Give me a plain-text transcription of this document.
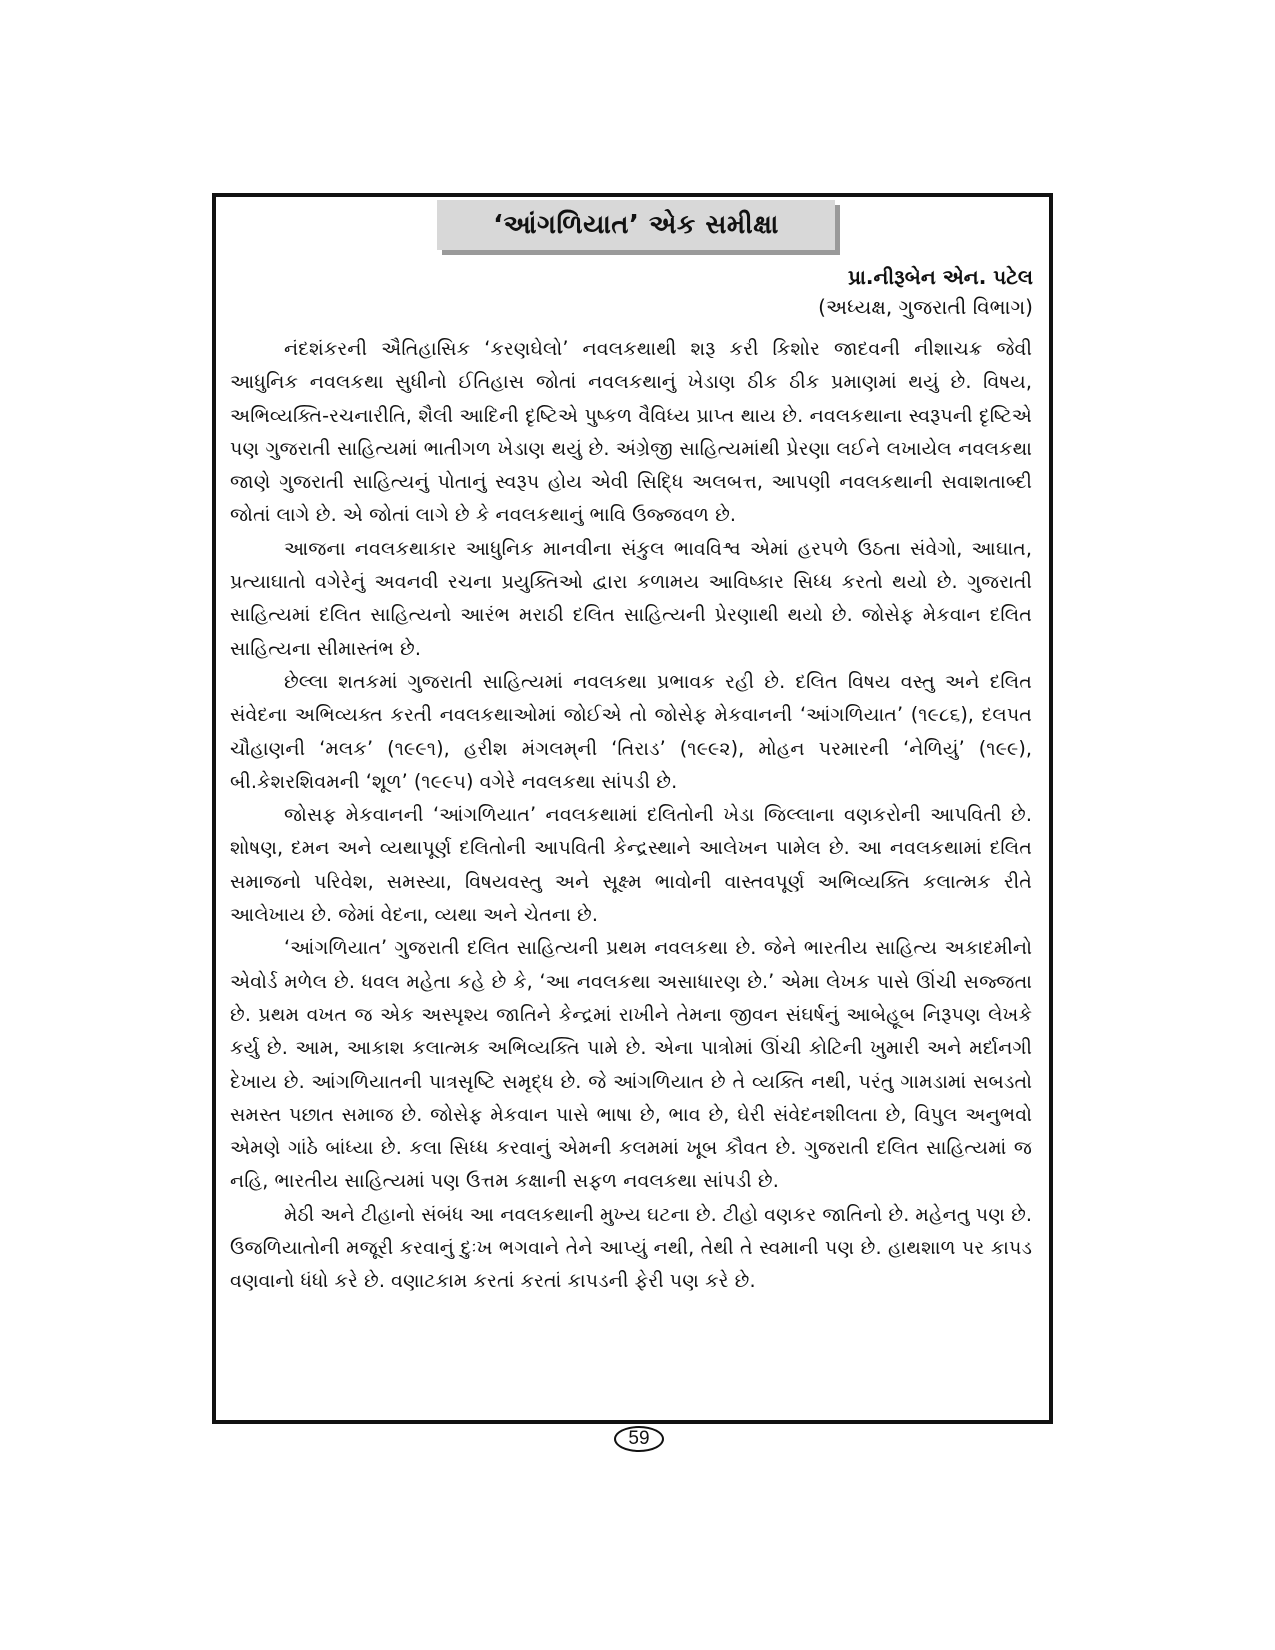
‘આંગળિયાત’ એક સમીક્ષા
પ્રા.નીરૂબેન એન. પટેલ
(અધ્યક્ષ, ગુજરાતી વિભાગ)

નંદશંકરની ઐતિહાસિક ‘કરણઘેલો’ નવલકથાથી શરૂ કરી કિશોર જાદવની નીશાચક્ર જેવી આધુનિક નવલકથા સુધીનો ઈતિહાસ જોતાં નવલકથાનું ખેડાણ ઠીક ઠીક પ્રમાણમાં થયું છે. વિષય, અભિવ્યક્તિ-રચનારીતિ, શૈલી આદિની દૃષ્ટિએ પુષ્કળ વૈવિધ્ય પ્રાપ્ત થાય છે. નવલકથાના સ્વરૂપની દૃષ્ટિએ પણ ગુજરાતી સાહિત્યમાં ભાતીગળ ખેડાણ થયું છે. અંગ્રેજી સાહિત્યમાંથી પ્રેરણા લઈને લખાયેલ નવલકથા જાણે ગુજરાતી સાહિત્યનું પોતાનું સ્વરૂપ હોય એવી સિદ્ધિ અલબત્ત, આપણી નવલકથાની સવાશતાબ્દી જોતાં લાગે છે. એ જોતાં લાગે છે કે નવલકથાનું ભાવિ ઉજ્જવળ છે.

આજના નવલકથાકાર આધુનિક માનવીના સંકુલ ભાવવિશ્વ એમાં હરપળે ઉઠતા સંવેગો, આઘાત, પ્રત્યાઘાતો વગેરેનું અવનવી રચના પ્રયુક્તિઓ દ્વારા કળામય આવિષ્કાર સિધ્ધ કરતો થયો છે. ગુજરાતી સાહિત્યમાં દલિત સાહિત્યનો આરંભ મરાઠી દલિત સાહિત્યની પ્રેરણાથી થયો છે. જોસેફ મેકવાન દલિત સાહિત્યના સીમાસ્તંભ છે.

છેલ્લા શતકમાં ગુજરાતી સાહિત્યમાં નવલકથા પ્રભાવક રહી છે. દલિત વિષય વસ્તુ અને દલિત સંવેદના અભિવ્યક્ત કરતી નવલકથાઓમાં જોઈએ તો જોસેફ મેકવાનની ‘આંગળિયાત’ (૧૯૮૬), દલપત ચૌહાણની ‘મલક’ (૧૯૯૧), હરીશ મંગલમ્‌ની ‘તિરાડ’ (૧૯૯૨), મોહન પરમારની ‘નેળિયું’ (૧૯૯), બી.કેશરશિવમની ‘શૂળ’ (૧૯૯૫) વગેરે નવલકથા સાંપડી છે.

જોસફ મેકવાનની ‘આંગળિયાત’ નવલકથામાં દલિતોની ખેડા જિલ્લાના વણકરોની આપવિતી છે. શોષણ, દમન અને વ્યથાપૂર્ણ દલિતોની આપવિતી કેન્દ્રસ્થાને આલેખન પામેલ છે. આ નવલકથામાં દલિત સમાજનો પરિવેશ, સમસ્યા, વિષયવસ્તુ અને સૂક્ષ્મ ભાવોની વાસ્તવપૂર્ણ અભિવ્યક્તિ કલાત્મક રીતે આલેખાય છે. જેમાં વેદના, વ્યથા અને ચેતના છે.

‘આંગળિયાત’ ગુજરાતી દલિત સાહિત્યની પ્રથમ નવલકથા છે. જેને ભારતીય સાહિત્ય અકાદમીનો એવોર્ડ મળેલ છે. ધવલ મહેતા કહે છે કે, ‘આ નવલકથા અસાધારણ છે.’ એમા લેખક પાસે ઊંચી સજ્જતા છે. પ્રથમ વખત જ એક અસ્પૃશ્ય જાતિને કેન્દ્રમાં રાખીને તેમના જીવન સંઘર્ષનું આબેહૂબ નિરૂપણ લેખકે કર્યુ છે. આમ, આકાશ કલાત્મક અભિવ્યક્તિ પામે છે. એના પાત્રોમાં ઊંચી કોટિની ખુમારી અને મર્દાનગી દેખાય છે. આંગળિયાતની પાત્રસૃષ્ટિ સમૃદ્ધ છે. જે આંગળિયાત છે તે વ્યક્તિ નથી, પરંતુ ગામડામાં સબડતો સમસ્ત પછાત સમાજ છે. જોસેફ મેકવાન પાસે ભાષા છે, ભાવ છે, ઘેરી સંવેદનશીલતા છે, વિપુલ અનુભવો એમણે ગાંઠે બાંધ્યા છે. કલા સિધ્ધ કરવાનું એમની કલમમાં ખૂબ કૌવત છે. ગુજરાતી દલિત સાહિત્યમાં જ નહિ, ભારતીય સાહિત્યમાં પણ ઉત્તમ કક્ષાની સફળ નવલકથા સાંપડી છે.

મેઠી અને ટીહાનો સંબંધ આ નવલકથાની મુખ્ય ઘટના છે. ટીહો વણકર જાતિનો છે. મહેનતુ પણ છે. ઉજળિયાતોની મજૂરી કરવાનું દુઃખ ભગવાને તેને આપ્યું નથી, તેથી તે સ્વમાની પણ છે. હાથશાળ પર કાપડ વણવાનો ધંધો કરે છે. વણાટકામ કરતાં કરતાં કાપડની ફેરી પણ કરે છે.

59
